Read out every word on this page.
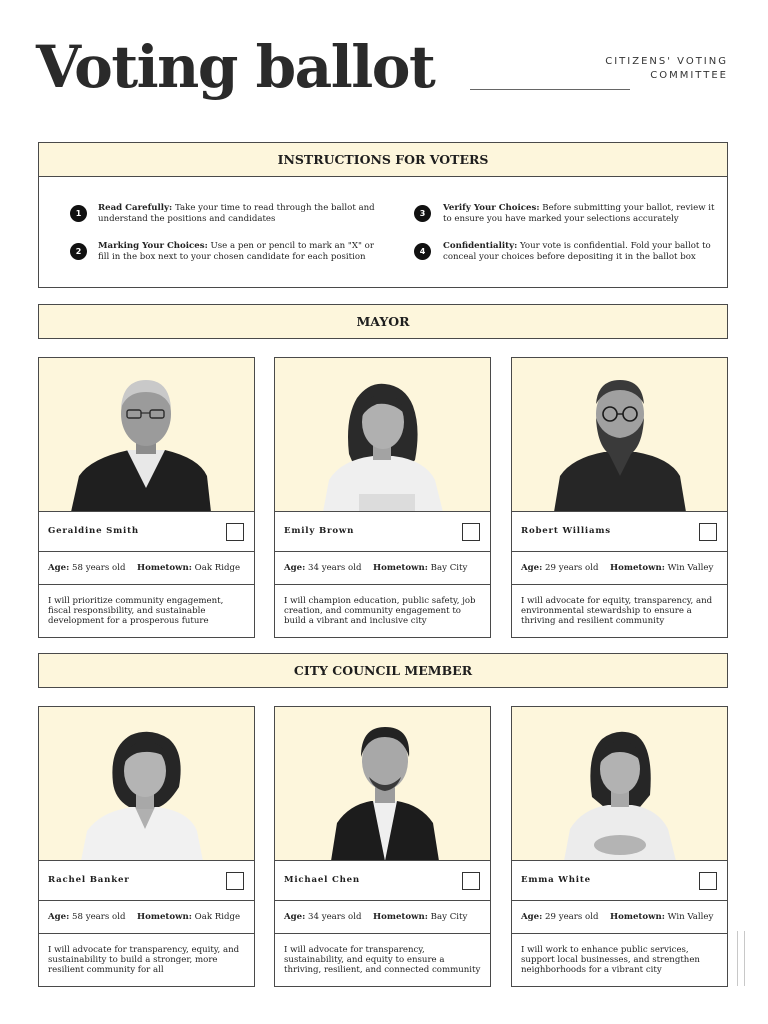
Voting ballot	CITIZENS' VOTING
COMMITTEE
INSTRUCTIONS FOR VOTERS
1
Read Carefully: Take your time to read through the ballot and understand the positions and candidates
2
Marking Your Choices: Use a pen or pencil to mark an "X" or fill in the box next to your chosen candidate for each position
3
Verify Your Choices: Before submitting your ballot, review it to ensure you have marked your selections accurately
4
Confidentiality: Your vote is confidential. Fold your ballot to conceal your choices before depositing it in the ballot box
MAYOR
Geraldine Smith
Age: 58 years old Hometown: Oak Ridge
I will prioritize community engagement, fiscal responsibility, and sustainable development for a prosperous future
Emily Brown
Age: 34 years old Hometown: Bay City
I will champion education, public safety, job creation, and community engagement to build a vibrant and inclusive city
Robert Williams
Age: 29 years old Hometown: Win Valley
I will advocate for equity, transparency, and environmental stewardship to ensure a thriving and resilient community
CITY COUNCIL MEMBER
Rachel Banker
Age: 58 years old Hometown: Oak Ridge
I will advocate for transparency, equity, and sustainability to build a stronger, more resilient community for all
Michael Chen
Age: 34 years old Hometown: Bay City
I will advocate for transparency, sustainability, and equity to ensure a thriving, resilient, and connected community
Emma White
Age: 29 years old Hometown: Win Valley
I will work to enhance public services, support local businesses, and strengthen neighborhoods for a vibrant city
